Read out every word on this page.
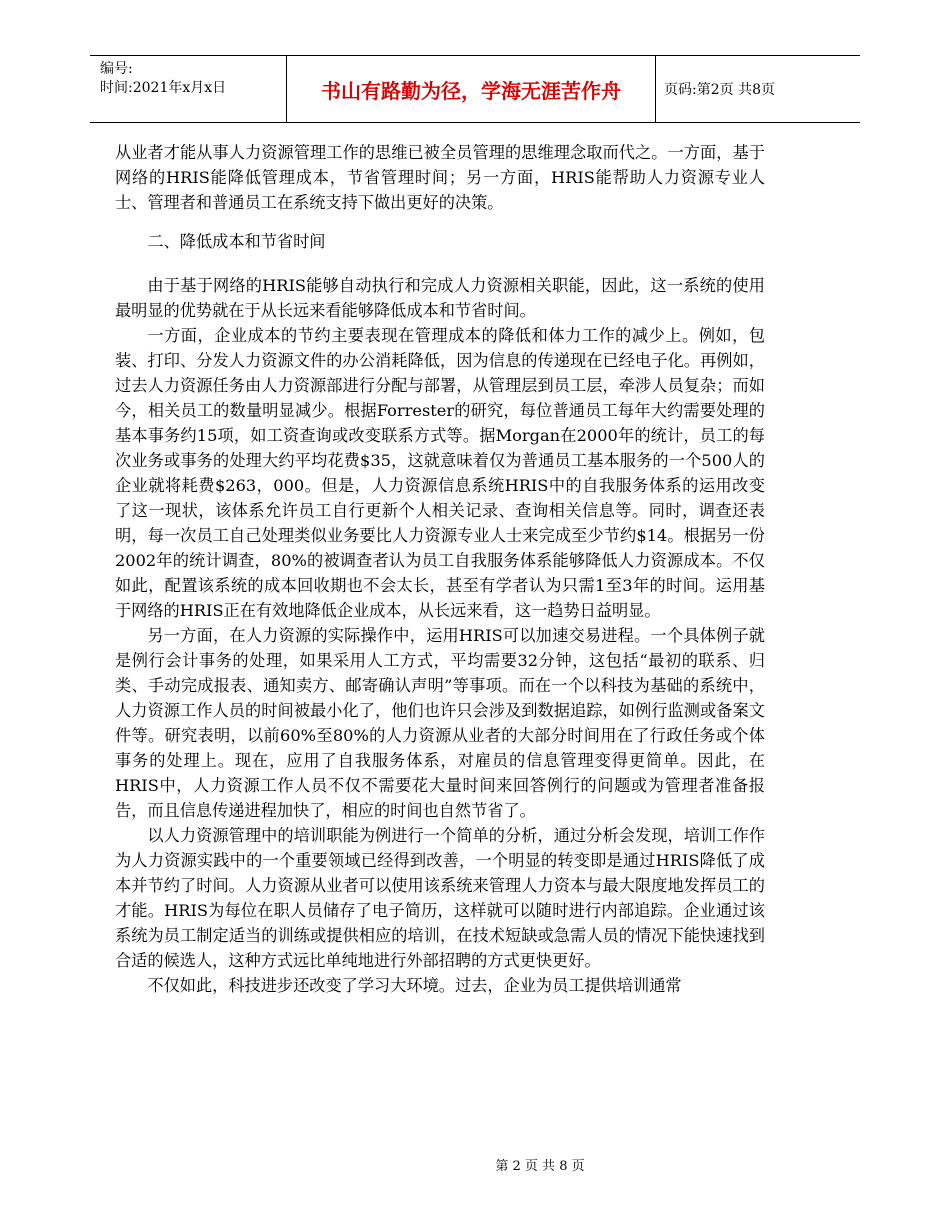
编号:
时间:2021年x月x日	书山有路勤为径，学海无涯苦作舟	页码:第2页 共8页

从业者才能从事人力资源管理工作的思维已被全员管理的思维理念取而代之。一方面，基于网络的HRIS能降低管理成本，节省管理时间；另一方面，HRIS能帮助人力资源专业人士、管理者和普通员工在系统支持下做出更好的决策。

二、降低成本和节省时间

由于基于网络的HRIS能够自动执行和完成人力资源相关职能，因此，这一系统的使用最明显的优势就在于从长远来看能够降低成本和节省时间。

一方面，企业成本的节约主要表现在管理成本的降低和体力工作的减少上。例如，包装、打印、分发人力资源文件的办公消耗降低，因为信息的传递现在已经电子化。再例如，过去人力资源任务由人力资源部进行分配与部署，从管理层到员工层，牵涉人员复杂；而如今，相关员工的数量明显减少。根据Forrester的研究，每位普通员工每年大约需要处理的基本事务约15项，如工资查询或改变联系方式等。据Morgan在2000年的统计，员工的每次业务或事务的处理大约平均花费$35，这就意味着仅为普通员工基本服务的一个500人的企业就将耗费$263，000。但是，人力资源信息系统HRIS中的自我服务体系的运用改变了这一现状，该体系允许员工自行更新个人相关记录、查询相关信息等。同时，调查还表明，每一次员工自己处理类似业务要比人力资源专业人士来完成至少节约$14。根据另一份2002年的统计调查，80%的被调查者认为员工自我服务体系能够降低人力资源成本。不仅如此，配置该系统的成本回收期也不会太长，甚至有学者认为只需1至3年的时间。运用基于网络的HRIS正在有效地降低企业成本，从长远来看，这一趋势日益明显。

另一方面，在人力资源的实际操作中，运用HRIS可以加速交易进程。一个具体例子就是例行会计事务的处理，如果采用人工方式，平均需要32分钟，这包括“最初的联系、归类、手动完成报表、通知卖方、邮寄确认声明”等事项。而在一个以科技为基础的系统中，人力资源工作人员的时间被最小化了，他们也许只会涉及到数据追踪，如例行监测或备案文件等。研究表明，以前60%至80%的人力资源从业者的大部分时间用在了行政任务或个体事务的处理上。现在，应用了自我服务体系，对雇员的信息管理变得更简单。因此，在HRIS中，人力资源工作人员不仅不需要花大量时间来回答例行的问题或为管理者准备报告，而且信息传递进程加快了，相应的时间也自然节省了。

以人力资源管理中的培训职能为例进行一个简单的分析，通过分析会发现，培训工作作为人力资源实践中的一个重要领域已经得到改善，一个明显的转变即是通过HRIS降低了成本并节约了时间。人力资源从业者可以使用该系统来管理人力资本与最大限度地发挥员工的才能。HRIS为每位在职人员储存了电子简历，这样就可以随时进行内部追踪。企业通过该系统为员工制定适当的训练或提供相应的培训，在技术短缺或急需人员的情况下能快速找到合适的候选人，这种方式远比单纯地进行外部招聘的方式更快更好。

不仅如此，科技进步还改变了学习大环境。过去，企业为员工提供培训通常

第 2 页 共 8 页
